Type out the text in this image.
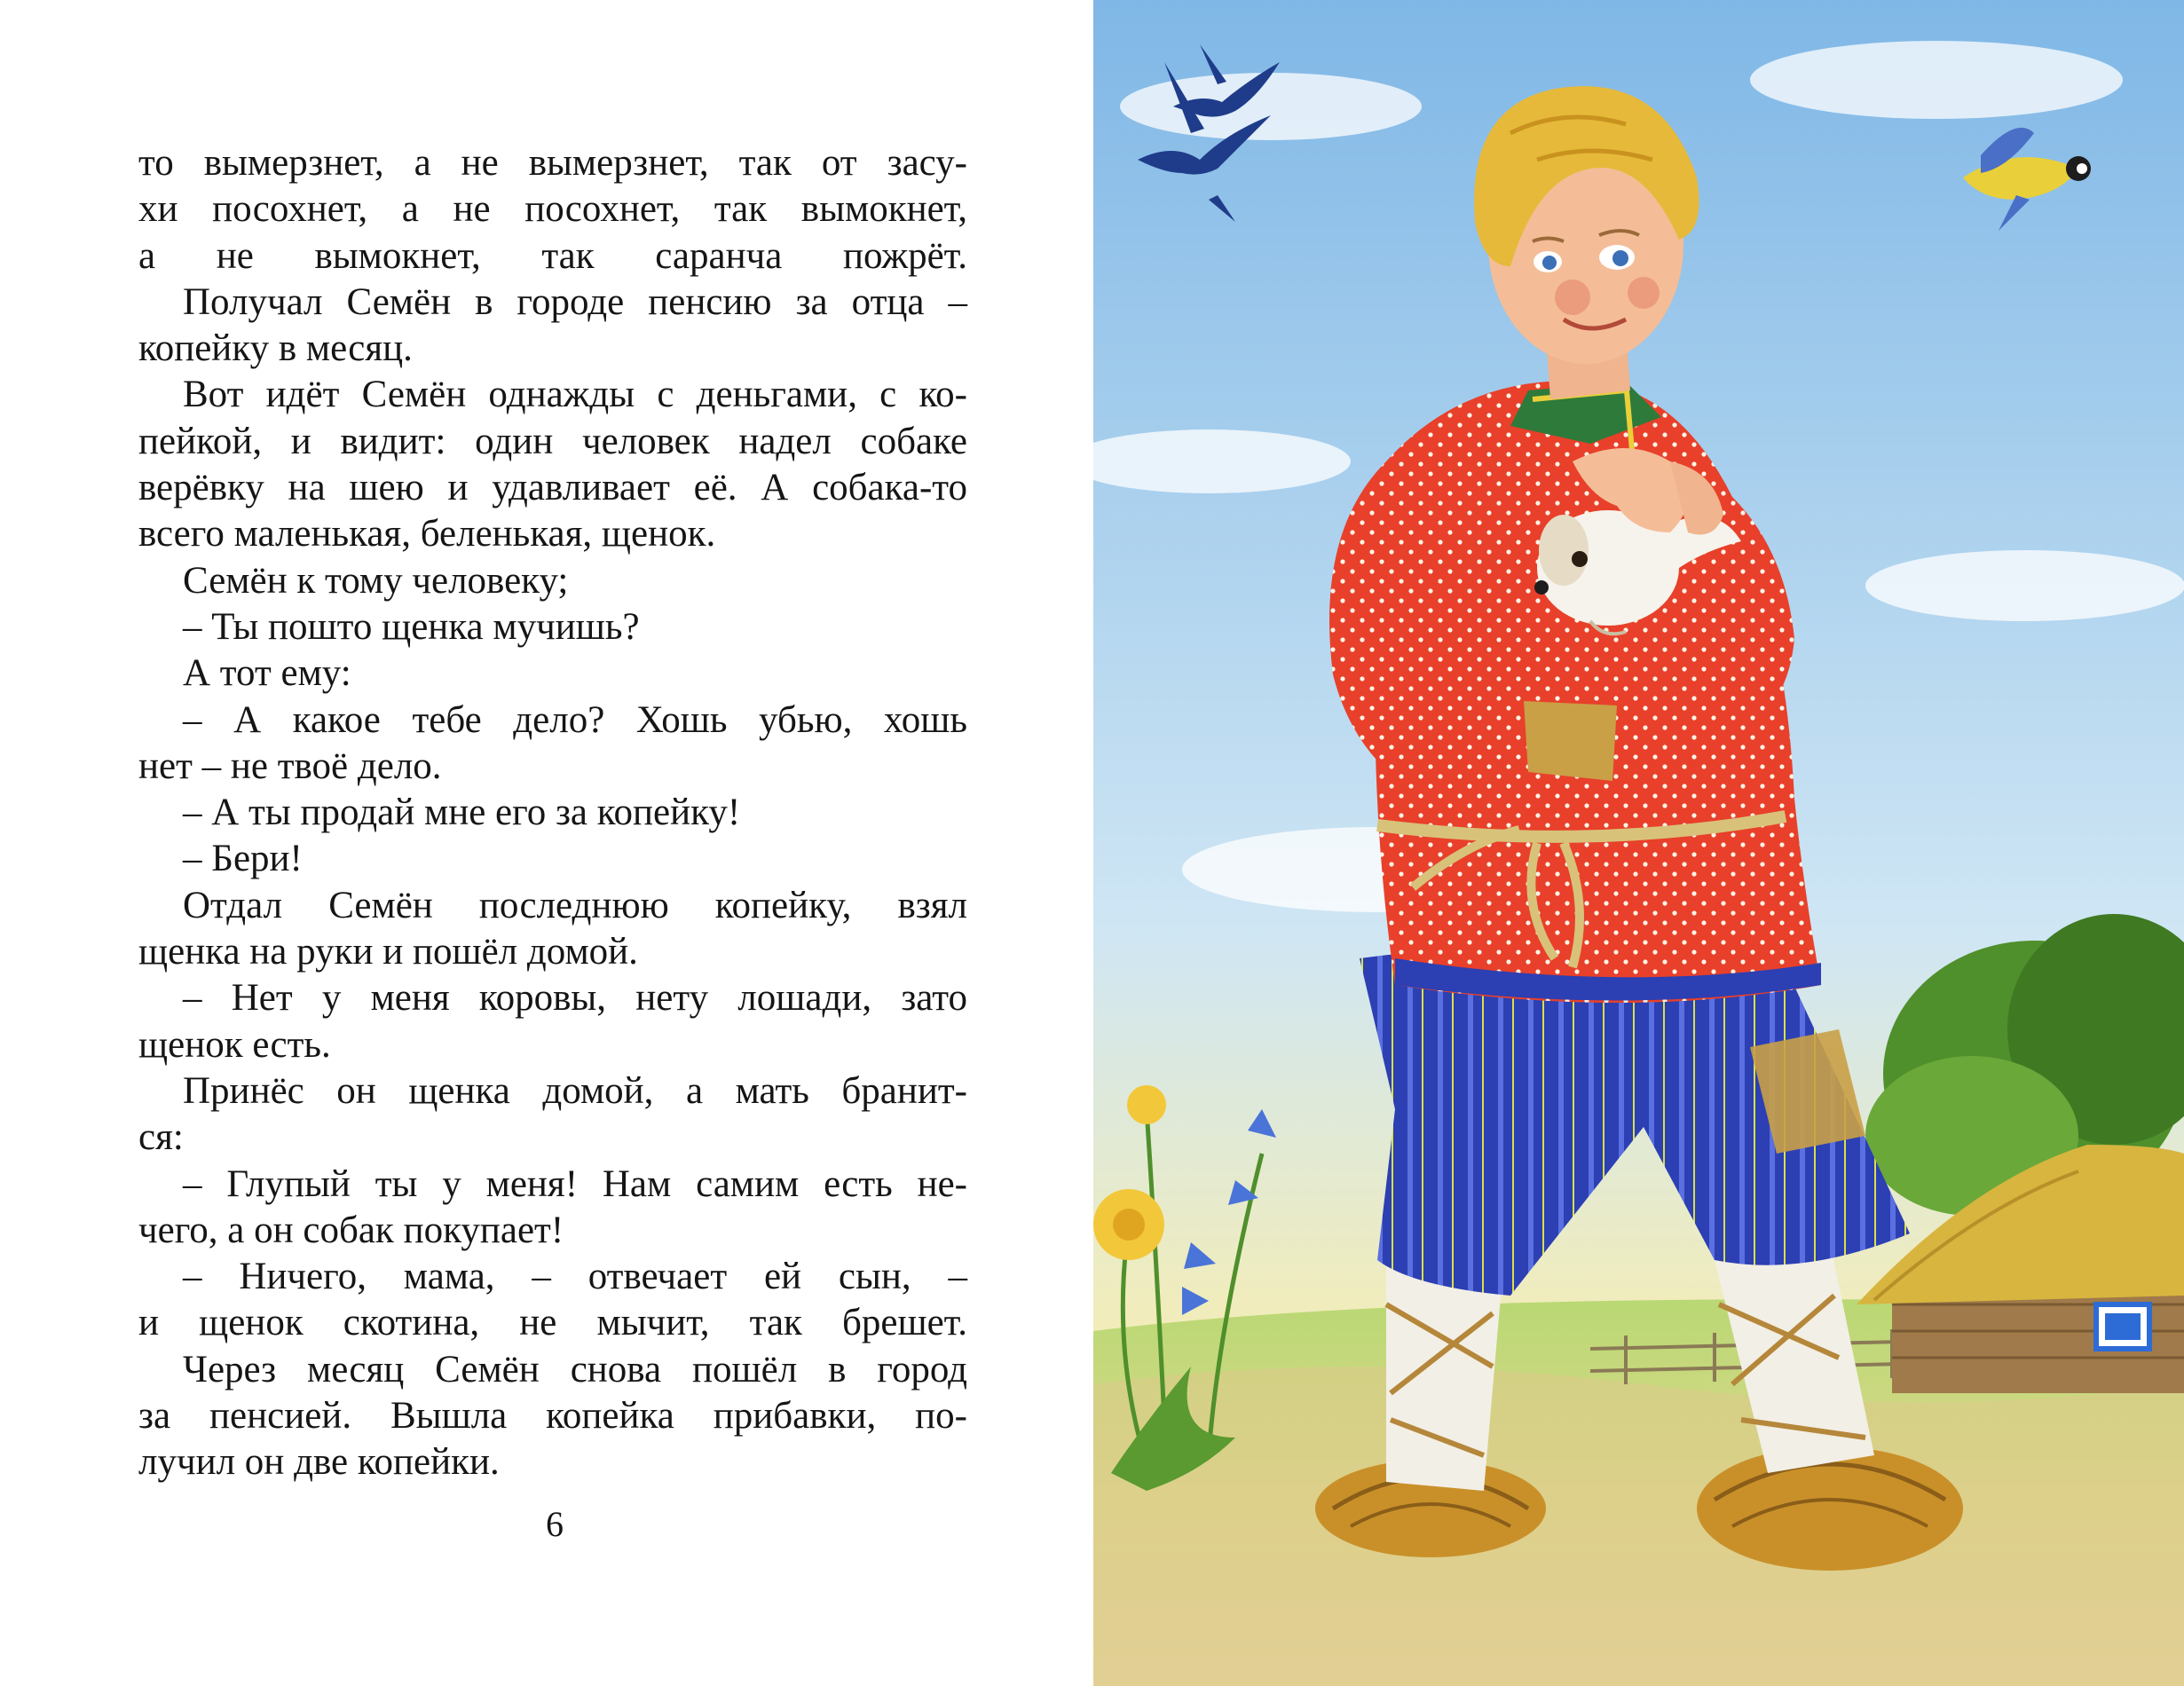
то вымерзнет, а не вымерзнет, так от засу-
хи посохнет, а не посохнет, так вымокнет,
а не вымокнет, так саранча пожрёт.
Получал Семён в городе пенсию за отца –
копейку в месяц.
Вот идёт Семён однажды с деньгами, с ко-
пейкой, и видит: один человек надел собаке
верёвку на шею и удавливает её. А собака-то
всего маленькая, беленькая, щенок.
Семён к тому человеку;
– Ты пошто щенка мучишь?
А тот ему:
– А какое тебе дело? Хошь убью, хошь
нет – не твоё дело.
– А ты продай мне его за копейку!
– Бери!
Отдал Семён последнюю копейку, взял
щенка на руки и пошёл домой.
– Нет у меня коровы, нету лошади, зато
щенок есть.
Принёс он щенка домой, а мать бранит-
ся:
– Глупый ты у меня! Нам самим есть не-
чего, а он собак покупает!
– Ничего, мама, – отвечает ей сын, –
и щенок скотина, не мычит, так брешет.
Через месяц Семён снова пошёл в город
за пенсией. Вышла копейка прибавки, по-
лучил он две копейки.
6
